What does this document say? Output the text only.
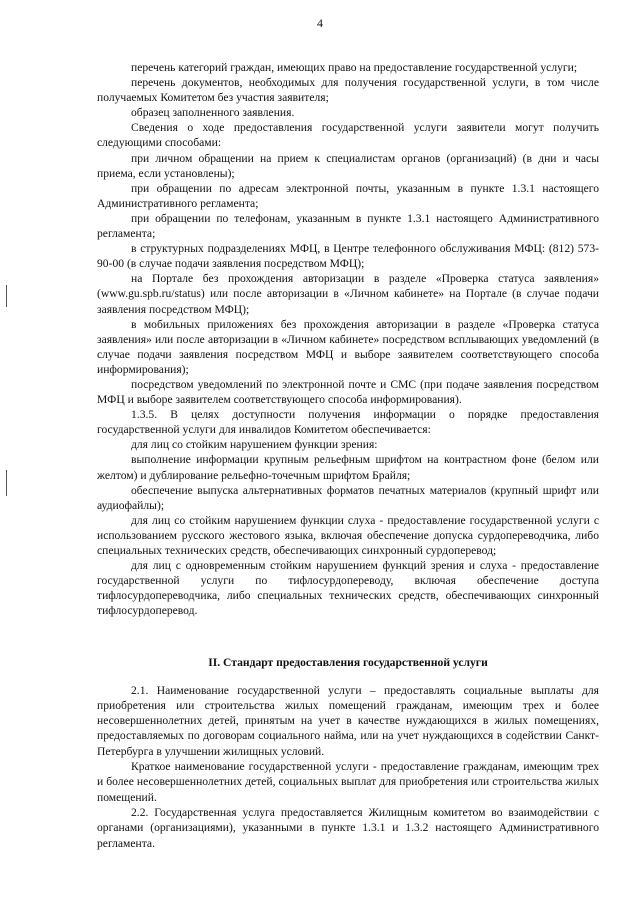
4

перечень категорий граждан, имеющих право на предоставление государственной услуги;

перечень документов, необходимых для получения государственной услуги, в том числе получаемых Комитетом без участия заявителя;

образец заполненного заявления.

Сведения о ходе предоставления государственной услуги заявители могут получить следующими способами:

при личном обращении на прием к специалистам органов (организаций) (в дни и часы приема, если установлены);

при обращении по адресам электронной почты, указанным в пункте 1.3.1 настоящего Административного регламента;

при обращении по телефонам, указанным в пункте 1.3.1 настоящего Административного регламента;

в структурных подразделениях МФЦ, в Центре телефонного обслуживания МФЦ: (812) 573-90-00 (в случае подачи заявления посредством МФЦ);

на Портале без прохождения авторизации в разделе «Проверка статуса заявления» (www.gu.spb.ru/status) или после авторизации в «Личном кабинете» на Портале (в случае подачи заявления посредством МФЦ);

в мобильных приложениях без прохождения авторизации в разделе «Проверка статуса заявления» или после авторизации в «Личном кабинете» посредством всплывающих уведомлений (в случае подачи заявления посредством МФЦ и выборе заявителем соответствующего способа информирования);

посредством уведомлений по электронной почте и СМС (при подаче заявления посредством МФЦ и выборе заявителем соответствующего способа информирования).

1.3.5. В целях доступности получения информации о порядке предоставления государственной услуги для инвалидов Комитетом обеспечивается:

для лиц со стойким нарушением функции зрения:

выполнение информации крупным рельефным шрифтом на контрастном фоне (белом или желтом) и дублирование рельефно-точечным шрифтом Брайля;

обеспечение выпуска альтернативных форматов печатных материалов (крупный шрифт или аудиофайлы);

для лиц со стойким нарушением функции слуха - предоставление государственной услуги с использованием русского жестового языка, включая обеспечение допуска сурдопереводчика, либо специальных технических средств, обеспечивающих синхронный сурдоперевод;

для лиц с одновременным стойким нарушением функций зрения и слуха - предоставление государственной услуги по тифлосурдопереводу, включая обеспечение доступа тифлосурдопереводчика, либо специальных технических средств, обеспечивающих синхронный тифлосурдоперевод.

II. Стандарт предоставления государственной услуги

2.1. Наименование государственной услуги – предоставлять социальные выплаты для приобретения или строительства жилых помещений гражданам, имеющим трех и более несовершеннолетних детей, принятым на учет в качестве нуждающихся в жилых помещениях, предоставляемых по договорам социального найма, или на учет нуждающихся в содействии Санкт-Петербурга в улучшении жилищных условий.

Краткое наименование государственной услуги - предоставление гражданам, имеющим трех и более несовершеннолетних детей, социальных выплат для приобретения или строительства жилых помещений.

2.2. Государственная услуга предоставляется Жилищным комитетом во взаимодействии с органами (организациями), указанными в пункте 1.3.1 и 1.3.2 настоящего Административного регламента.
